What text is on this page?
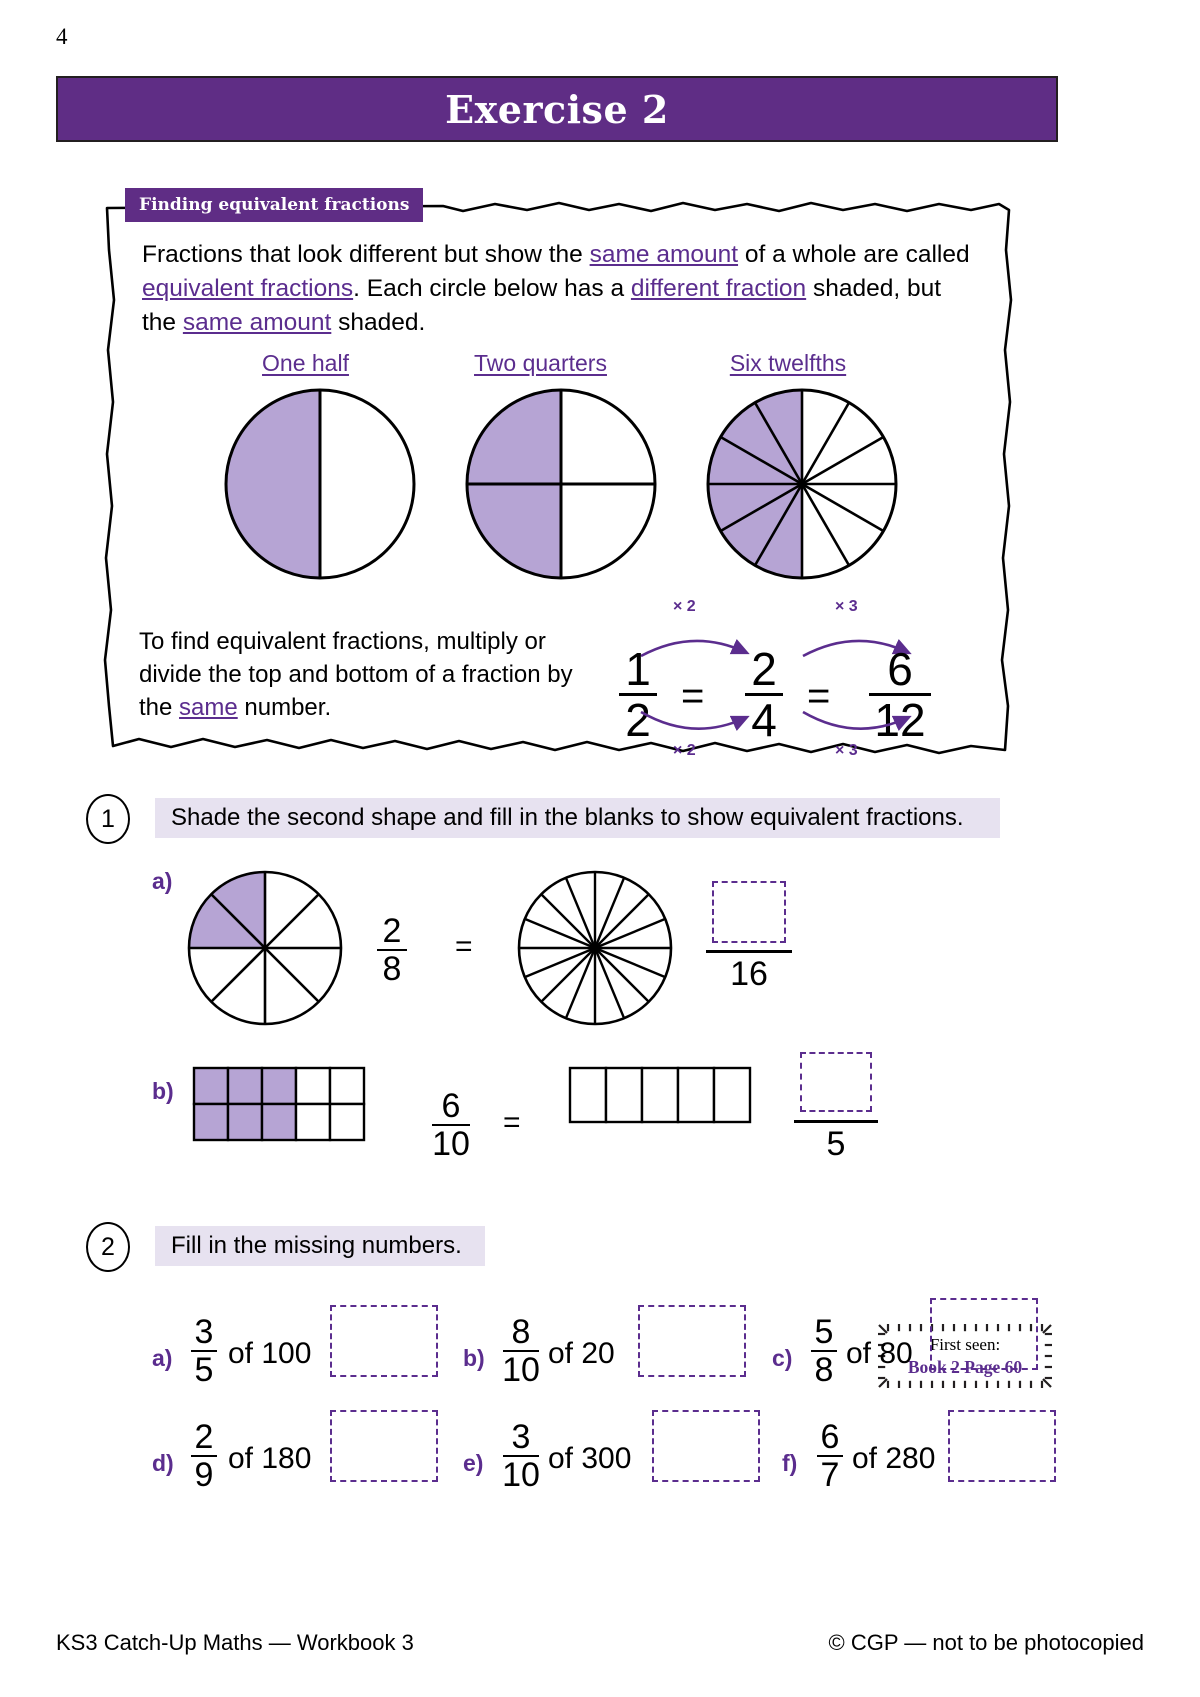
4
Exercise 2
Finding equivalent fractions
Fractions that look different but show the same amount of a whole are called equivalent fractions. Each circle below has a different fraction shaded, but the same amount shaded.
One half	Two quarters	Six twelfths
To find equivalent fractions, multiply or divide the top and bottom of a fraction by the same number.
× 2	× 3
1
2 =
2
4 =
6
12
× 2	× 3
1	Shade the second shape and fill in the blanks to show equivalent fractions.
a)
2
8
=
16
b)	6
10
=
5
2	Fill in the missing numbers.
First seen:
Book 2 Page 60
a)
3
5 of 100	b)
8
10 of 20	c)
5
8 of 80
d)
2
9 of 180	e)
3
10 of 300	f)
6
7 of 280
KS3 Catch-Up Maths — Workbook 3	© CGP — not to be photocopied
